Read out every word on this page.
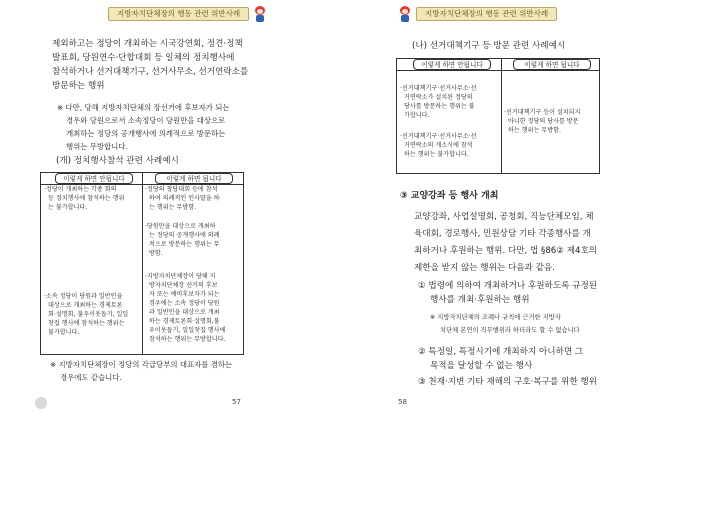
지방자치단체장의 행동 관련 위반사례
제외하고는 정당이 개최하는 시국강연회, 정견·정책
발표회, 당원연수·단합대회 등 일체의 정치행사에
참석하거나 선거대책기구, 선거사무소, 선거연락소를
방문하는 행위
※ 다만, 당해 지방자치단체의 장선거에 후보자가 되는
경우와 당원으로서 소속정당이 당원만을 대상으로
개최하는 정당의 공개행사에 의례적으로 방문하는
행위는 무방합니다.
(개) 정치행사참석 관련 사례예시
이렇게 하면 안됩니다	이렇게 하면 됩니다
·정당이 개최하는 각종 회의
등 정치행사에 참석하는 행위
는 불가합니다.
·소속 정당이 당원과 일반인을
대상으로 개최하는 경제토론
회·설명회, 불우이웃돕기, 일일
찻집 행사에 참석하는 행위는
불가합니다.
·정당의 창당대회 등에 참석
하여 의례적인 인사말을 하
는 행위는 무방함.
·당원만을 대상으로 개최하
는 정당의 공개행사에 의례
적으로 방문하는 행위는 무
방함.
·지방자치단체장이 당해 지
방자치단체장 선거의 후보
자 또는 예비후보자가 되는
경우에는 소속 정당이 당원
과 일반인을 대상으로 개최
하는 경제토론회·설명회,불
우이웃돕기, 일일찻집 행사에
참석하는 행위는 무방합니다.
※ 지방자치단체장이 정당의 각급당부의 대표자를 겸하는
경우에도 같습니다.
57
지방자치단체장의 행동 관련 위반사례
(나) 선거대책기구 등 방문 관련 사례예시
이렇게 하면 안됩니다	이렇게 하면 됩니다
·선거대책기구·선거사무소·선
거연락소가 설치된 정당의
당사를 방문하는 행위는 불
가합니다.
·선거대책기구·선거사무소·선
거연락소의 개소식에 참석
하는 행위는 불가합니다.
·선거대책기구 등이 설치되지
아니한 정당의 당사를 방문
하는 행위는 무방함.
③ 교양강좌 등 행사 개최
교양강좌, 사업설명회, 공청회, 직능단체모임, 체
육대회, 경로행사, 민원상담 기타 각종행사를 개
최하거나 후원하는 행위. 다만, 법 §86② 제4호의
제한을 받지 않는 행위는 다음과 같음.
① 법령에 의하여 개최하거나 후원하도록 규정된
행사를 개최·후원하는 행위
※ 지방자치단체의 조례나 규칙에 근거한 지방자
치단체 본연의 직무행위라 하더라도 할 수 없습니다
② 특정일, 특정시기에 개최하지 아니하면 그
목적을 달성할 수 없는 행사
③ 천재·지변 기타 재해의 구호·복구를 위한 행위
58
